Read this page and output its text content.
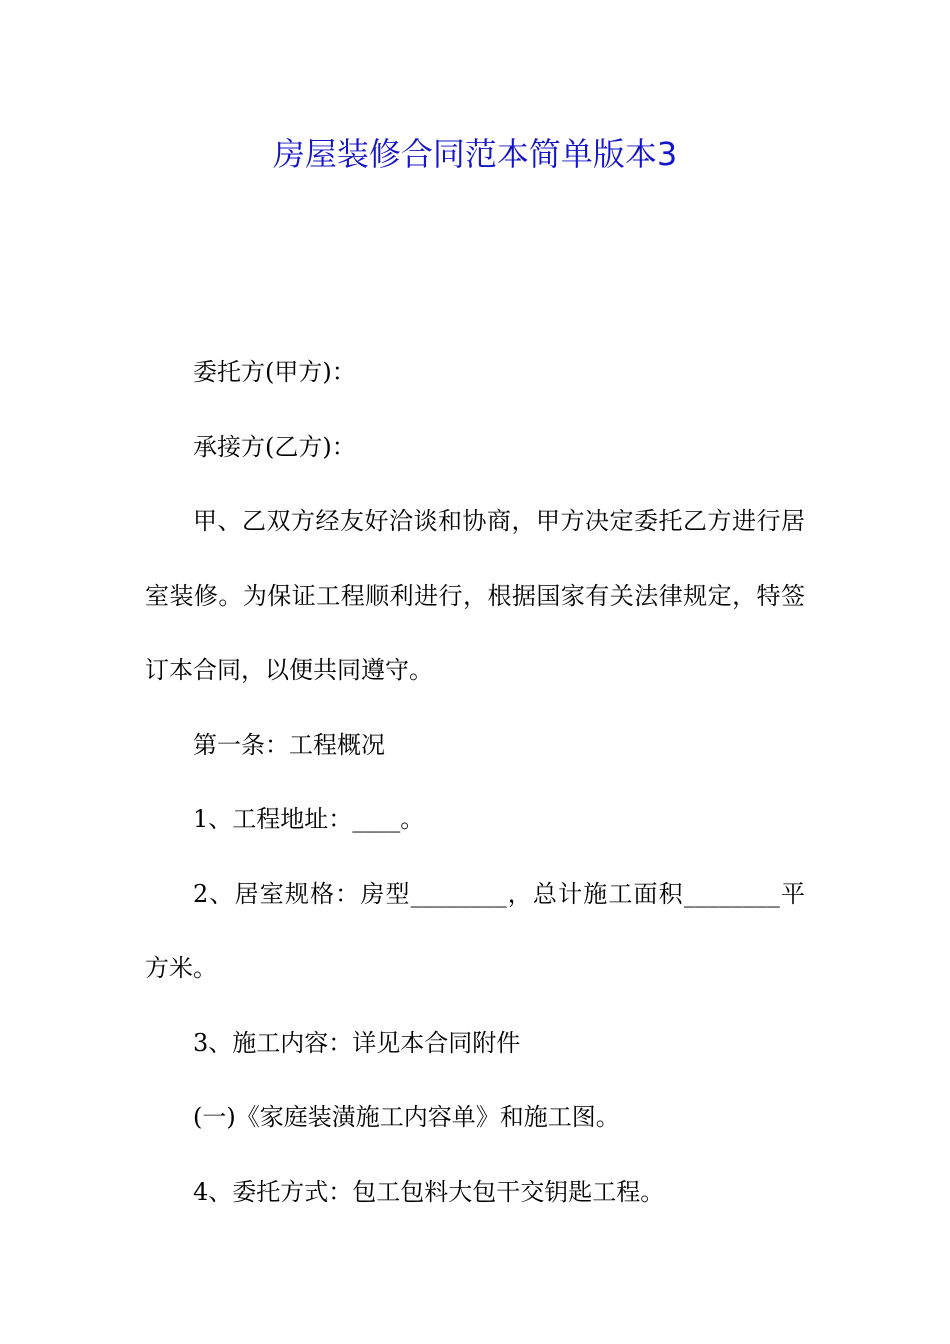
房屋装修合同范本简单版本3

委托方(甲方)：

承接方(乙方)：

甲、乙双方经友好洽谈和协商，甲方决定委托乙方进行居室装修。为保证工程顺利进行，根据国家有关法律规定，特签订本合同，以便共同遵守。

第一条：工程概况

1、工程地址：____。

2、居室规格：房型________，总计施工面积________平方米。

3、施工内容：详见本合同附件

(一)《家庭装潢施工内容单》和施工图。

4、委托方式：包工包料大包干交钥匙工程。
